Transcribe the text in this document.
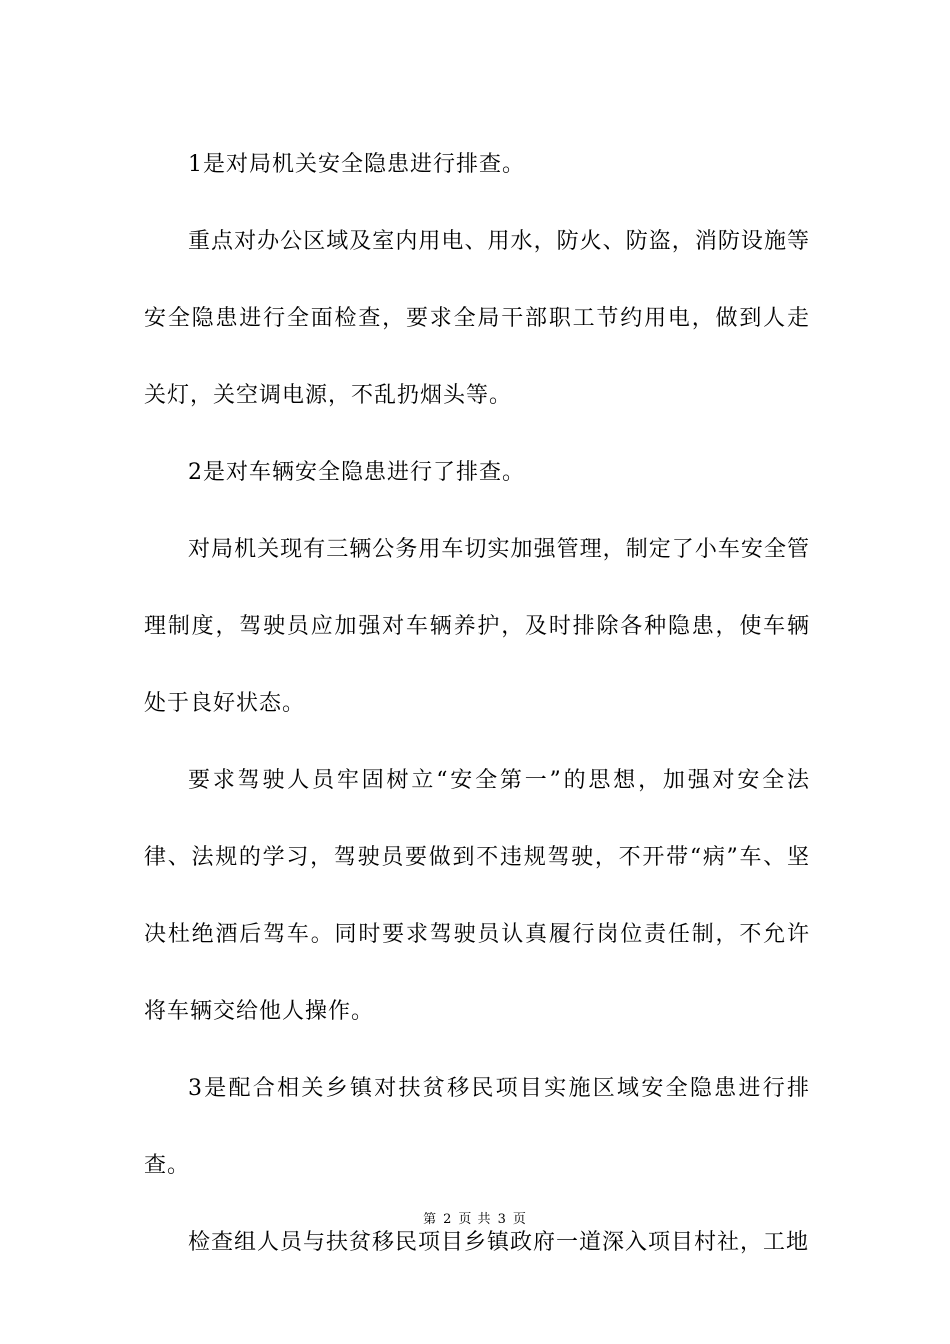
1是对局机关安全隐患进行排查。

重点对办公区域及室内用电、用水，防火、防盗，消防设施等安全隐患进行全面检查，要求全局干部职工节约用电，做到人走关灯，关空调电源，不乱扔烟头等。

2是对车辆安全隐患进行了排查。

对局机关现有三辆公务用车切实加强管理，制定了小车安全管理制度，驾驶员应加强对车辆养护，及时排除各种隐患，使车辆处于良好状态。

要求驾驶人员牢固树立“安全第一”的思想，加强对安全法律、法规的学习，驾驶员要做到不违规驾驶，不开带“病”车、坚决杜绝酒后驾车。同时要求驾驶员认真履行岗位责任制，不允许将车辆交给他人操作。

3是配合相关乡镇对扶贫移民项目实施区域安全隐患进行排查。

检查组人员与扶贫移民项目乡镇政府一道深入项目村社，工地

第 2 页 共 3 页
